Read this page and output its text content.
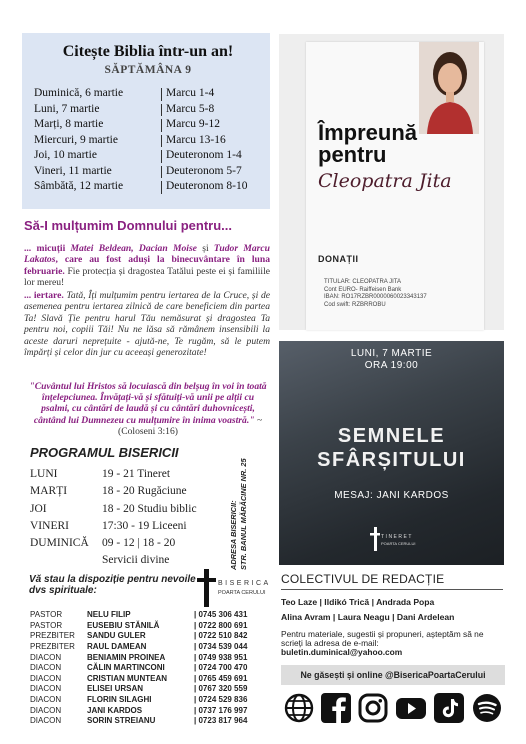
Citește Biblia într-un an!
SĂPTĂMÂNA 9
Duminică, 6 martie	Marcu 1-4
Luni, 7 martie	Marcu 5-8
Marți, 8 martie	Marcu 9-12
Miercuri, 9 martie	Marcu 13-16
Joi, 10 martie	Deuteronom 1-4
Vineri, 11 martie	Deuteronom 5-7
Sâmbătă, 12 martie	Deuteronom 8-10
Să-I mulțumim Domnului pentru...

... micuții Matei Beldean, Dacian Moise și Tudor Marcu Lakatos, care au fost aduși la binecuvântare în luna februarie. Fie protecția și dragostea Tatălui peste ei și familiile lor mereu!

... iertare. Tată, Îți mulțumim pentru iertarea de la Cruce, și de asemenea pentru iertarea zilnică de care beneficiem din partea Ta! Slavă Ție pentru harul Tău nemăsurat și dragostea Ta pentru noi, copiii Tăi! Nu ne lăsa să rămânem insensibili la aceste daruri neprețuite - ajută-ne, Te rugăm, să le putem împărți și celor din jur cu aceeași generozitate!

"Cuvântul lui Hristos să locuiască din belșug în voi în toată înțelepciunea. Învățați-vă și sfătuiți-vă unii pe alții cu psalmi, cu cântări de laudă și cu cântări duhovnicești, cântând lui Dumnezeu cu mulțumire în inima voastră." ~ (Coloseni 3:16)

PROGRAMUL BISERICII
LUNI	19 - 21 Tineret
MARȚI	18 - 20 Rugăciune
JOI	18 - 20 Studiu biblic
VINERI	17:30 - 19 Liceeni
DUMINICĂ	09 - 12 | 18 - 20
Servicii divine	ADRESA BISERICII: STR. BANUL MĂRĂCINE NR. 25
Vă stau la dispoziție pentru nevoile dvs spirituale:
BISERICA
POARTA CERULUI
PASTOR	NELU FILIP	| 0745 306 431
PASTOR	EUSEBIU STĂNILĂ	| 0722 800 691
PREZBITER	SANDU GULER	| 0722 510 842
PREZBITER	RAUL DAMEAN	| 0734 539 044
DIACON	BENIAMIN PROINEA	| 0749 938 951
DIACON	CĂLIN MARTINCONI	| 0724 700 470
DIACON	CRISTIAN MUNTEAN	| 0765 459 691
DIACON	ELISEI URSAN	| 0767 320 559
DIACON	FLORIN SILAGHI	| 0724 529 836
DIACON	JANI KARDOS	| 0737 176 997
DIACON	SORIN STREIANU	| 0723 817 964
Împreună
pentru
Cleopatra Jita
DONAȚII
TITULAR: CLEOPATRA JITA
Cont EURO- Raiffeisen Bank
IBAN: RO17RZBR0000060023343137
Cod swift: RZBRROBU
LUNI, 7 MARTIE
ORA 19:00
SEMNELE
SFÂRȘITULUI
MESAJ: JANI KARDOS
TINERET
POARTA CERULUI
COLECTIVUL DE REDACȚIE
Teo Laze | Ildikó Trică | Andrada Popa
Alina Avram | Laura Neagu | Dani Ardelean
Pentru materiale, sugestii și propuneri, așteptăm să ne scrieți la adresa de e-mail:
buletin.duminical@yahoo.com
Ne găsești și online @BisericaPoartaCerului
